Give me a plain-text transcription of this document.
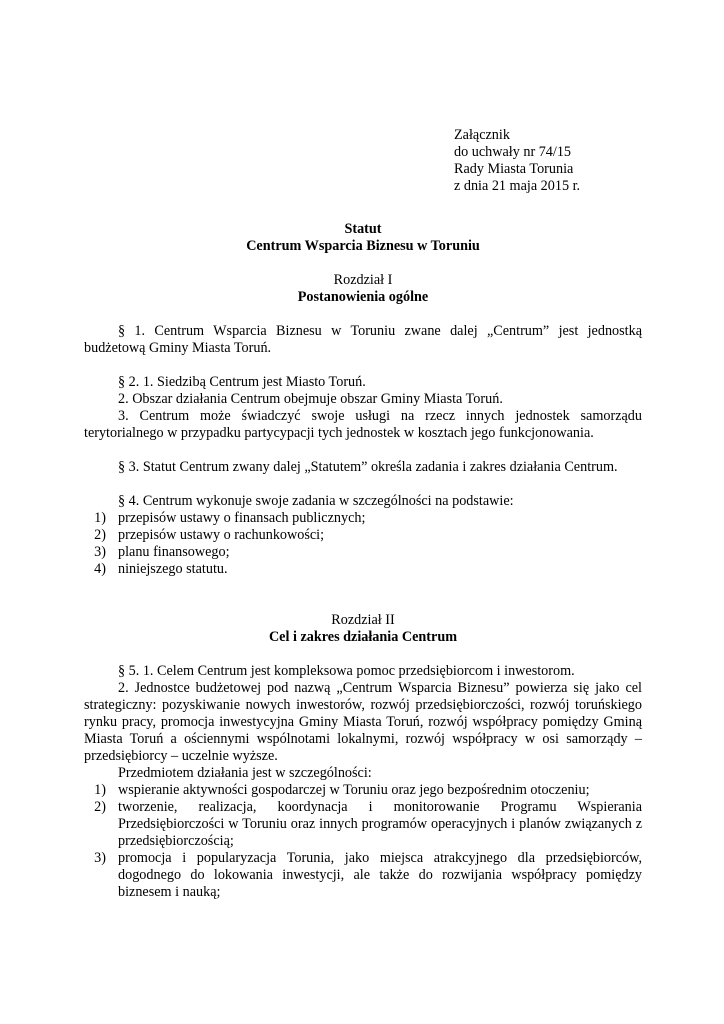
Załącznik
do uchwały nr 74/15
Rady Miasta Torunia
z dnia 21 maja 2015 r.
Statut
Centrum Wsparcia Biznesu w Toruniu
Rozdział I
Postanowienia ogólne

§ 1. Centrum Wsparcia Biznesu w Toruniu zwane dalej „Centrum” jest jednostką budżetową Gminy Miasta Toruń.

§ 2. 1. Siedzibą Centrum jest Miasto Toruń.

2. Obszar działania Centrum obejmuje obszar Gminy Miasta Toruń.

3. Centrum może świadczyć swoje usługi na rzecz innych jednostek samorządu terytorialnego w przypadku partycypacji tych jednostek w kosztach jego funkcjonowania.

§ 3. Statut Centrum zwany dalej „Statutem” określa zadania i zakres działania Centrum.

§ 4. Centrum wykonuje swoje zadania w szczególności na podstawie:

1) przepisów ustawy o finansach publicznych;
2) przepisów ustawy o rachunkowości;
3) planu finansowego;
4) niniejszego statutu.
Rozdział II
Cel i zakres działania Centrum

§ 5. 1. Celem Centrum jest kompleksowa pomoc przedsiębiorcom i inwestorom.

2. Jednostce budżetowej pod nazwą „Centrum Wsparcia Biznesu” powierza się jako cel strategiczny: pozyskiwanie nowych inwestorów, rozwój przedsiębiorczości, rozwój toruńskiego rynku pracy, promocja inwestycyjna Gminy Miasta Toruń, rozwój współpracy pomiędzy Gminą Miasta Toruń a ościennymi wspólnotami lokalnymi, rozwój współpracy w osi samorządy – przedsiębiorcy – uczelnie wyższe.

Przedmiotem działania jest w szczególności:

1) wspieranie aktywności gospodarczej w Toruniu oraz jego bezpośrednim otoczeniu;
2) tworzenie, realizacja, koordynacja i monitorowanie Programu Wspierania Przedsiębiorczości w Toruniu oraz innych programów operacyjnych i planów związanych z przedsiębiorczością;
3) promocja i popularyzacja Torunia, jako miejsca atrakcyjnego dla przedsiębiorców, dogodnego do lokowania inwestycji, ale także do rozwijania współpracy pomiędzy biznesem i nauką;
